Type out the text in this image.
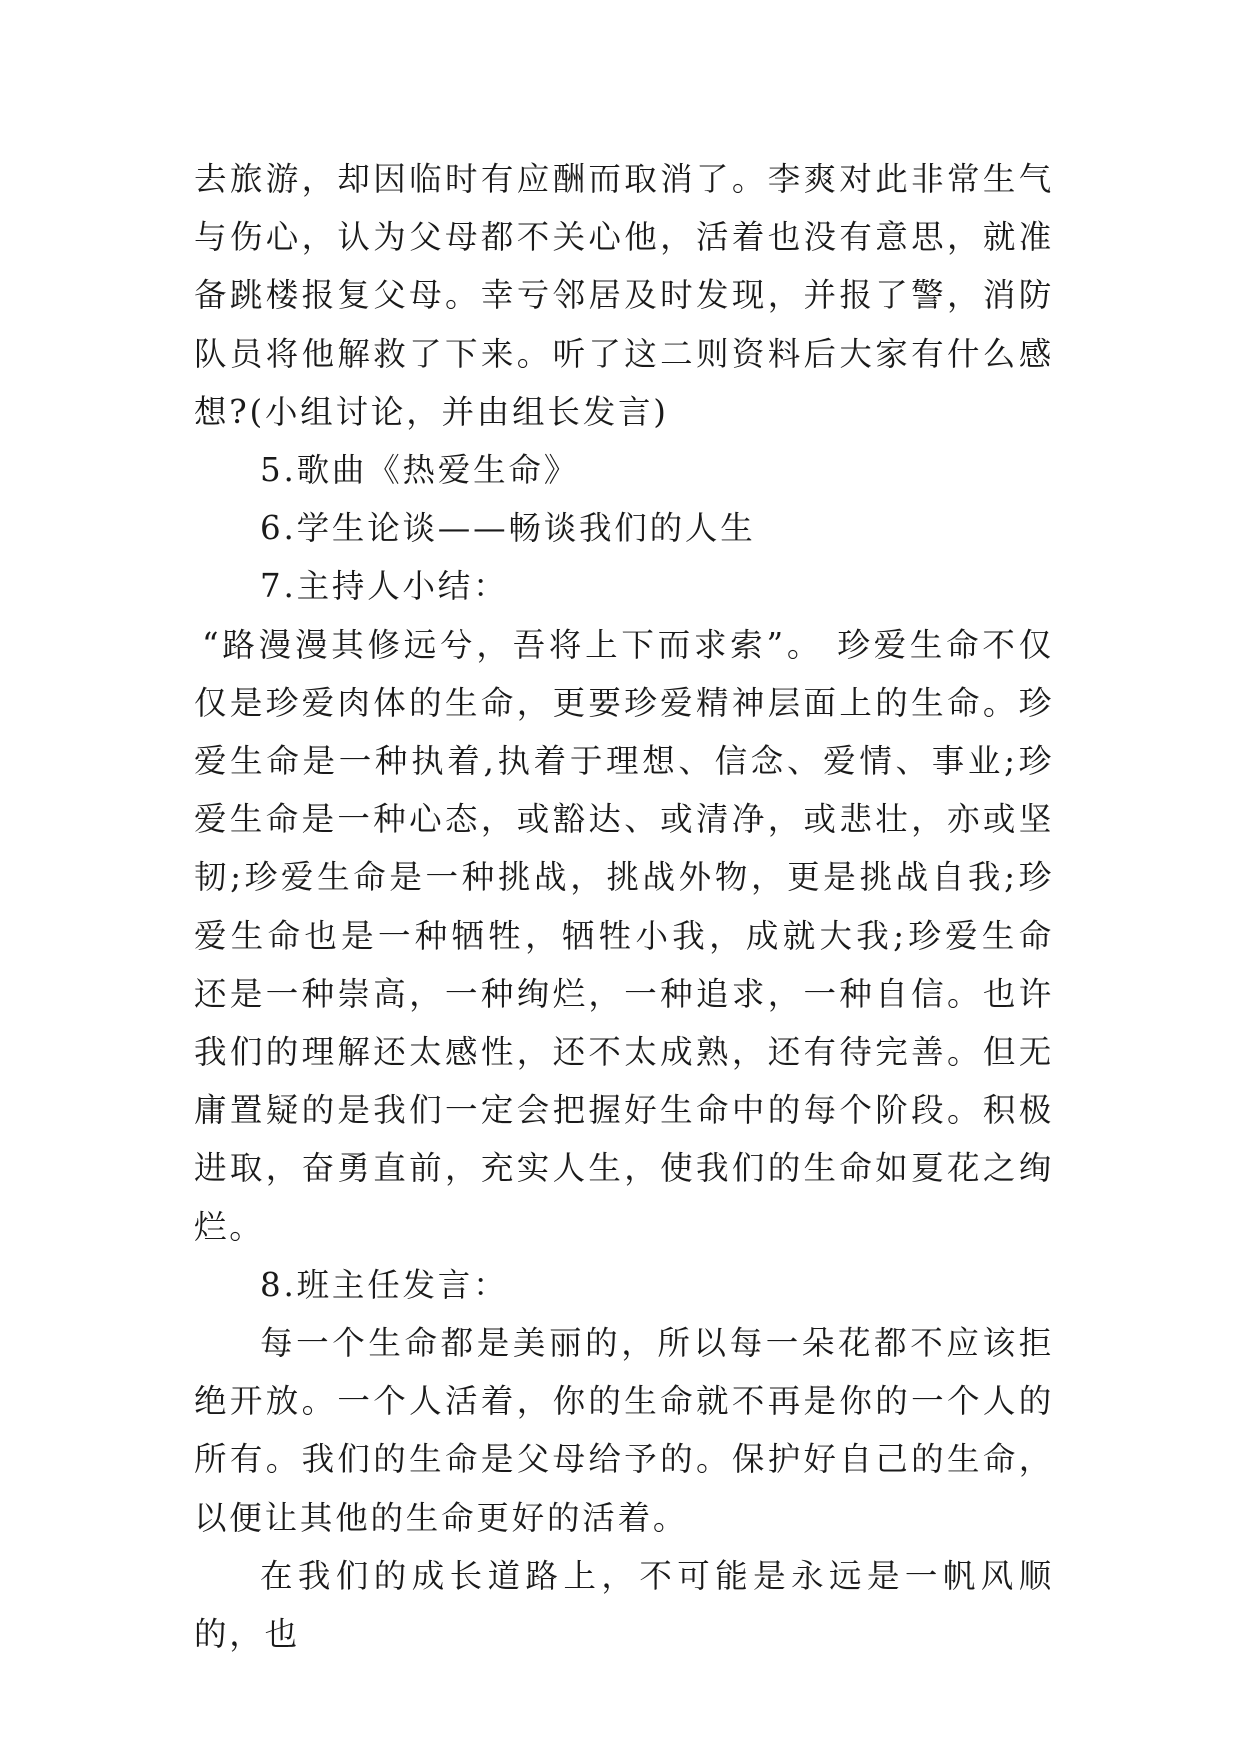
去旅游，却因临时有应酬而取消了。李爽对此非常生气与伤心，认为父母都不关心他，活着也没有意思，就准备跳楼报复父母。幸亏邻居及时发现，并报了警，消防队员将他解救了下来。听了这二则资料后大家有什么感想?(小组讨论，并由组长发言)

5.歌曲《热爱生命》

6.学生论谈——畅谈我们的人生

7.主持人小结：

“路漫漫其修远兮，吾将上下而求索”。 珍爱生命不仅仅是珍爱肉体的生命，更要珍爱精神层面上的生命。珍爱生命是一种执着,执着于理想、信念、爱情、事业;珍爱生命是一种心态，或豁达、或清净，或悲壮，亦或坚韧;珍爱生命是一种挑战，挑战外物，更是挑战自我;珍爱生命也是一种牺牲，牺牲小我，成就大我;珍爱生命还是一种崇高，一种绚烂，一种追求，一种自信。也许我们的理解还太感性，还不太成熟，还有待完善。但无庸置疑的是我们一定会把握好生命中的每个阶段。积极进取，奋勇直前，充实人生，使我们的生命如夏花之绚烂。

8.班主任发言：

每一个生命都是美丽的，所以每一朵花都不应该拒绝开放。一个人活着，你的生命就不再是你的一个人的所有。我们的生命是父母给予的。保护好自己的生命，以便让其他的生命更好的活着。

在我们的成长道路上，不可能是永远是一帆风顺的，也
